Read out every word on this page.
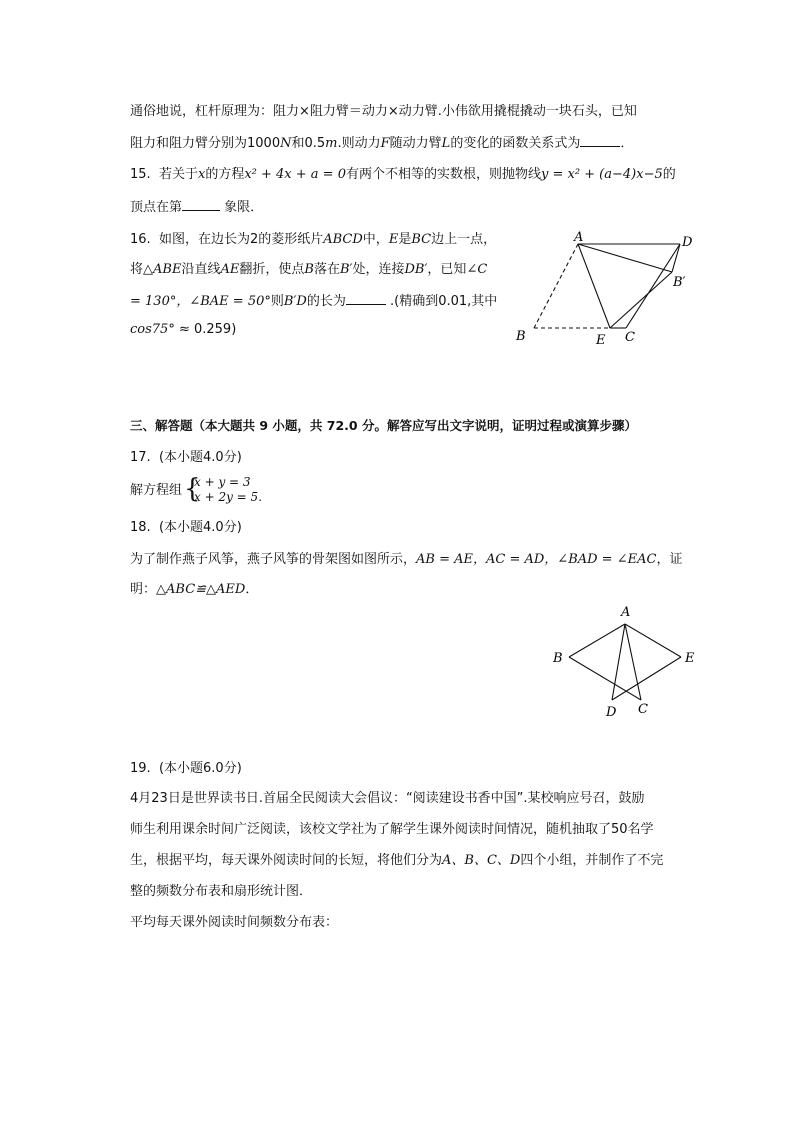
通俗地说，杠杆原理为：阻力×阻力臂＝动力×动力臂.小伟欲用撬棍撬动一块石头，已知
阻力和阻力臂分别为1000N和0.5m.则动力F随动力臂L的变化的函数关系式为	．
15. 若关于x的方程x² + 4x + a = 0有两个不相等的实数根，则抛物线y = x² + (a−4)x−5的
顶点在第	象限．
16. 如图，在边长为2的菱形纸片ABCD中，E是BC边上一点，
将△ABE沿直线AE翻折，使点B落在B′处，连接DB′，已知∠C
= 130°，∠BAE = 50°则B′D的长为	.(精确到0.01,其中
cos75° ≈ 0.259)
A	D
B′
B	E C
三、解答题（本大题共 9 小题，共 72.0 分。解答应写出文字说明，证明过程或演算步骤）
17. (本小题4.0分)
解方程组 {
x + y = 3
x + 2y = 5.
18. (本小题4.0分)
为了制作燕子风筝，燕子风筝的骨架图如图所示，AB = AE，AC = AD，∠BAD = ∠EAC，证
明：△ABC≌△AED．
A
B	E
D C
19. (本小题6.0分)
4月23日是世界读书日.首届全民阅读大会倡议：“阅读建设书香中国”.某校响应号召，鼓励
师生利用课余时间广泛阅读，该校文学社为了解学生课外阅读时间情况，随机抽取了50名学
生，根据平均，每天课外阅读时间的长短，将他们分为A、B、C、D四个小组，并制作了不完
整的频数分布表和扇形统计图．
平均每天课外阅读时间频数分布表：
